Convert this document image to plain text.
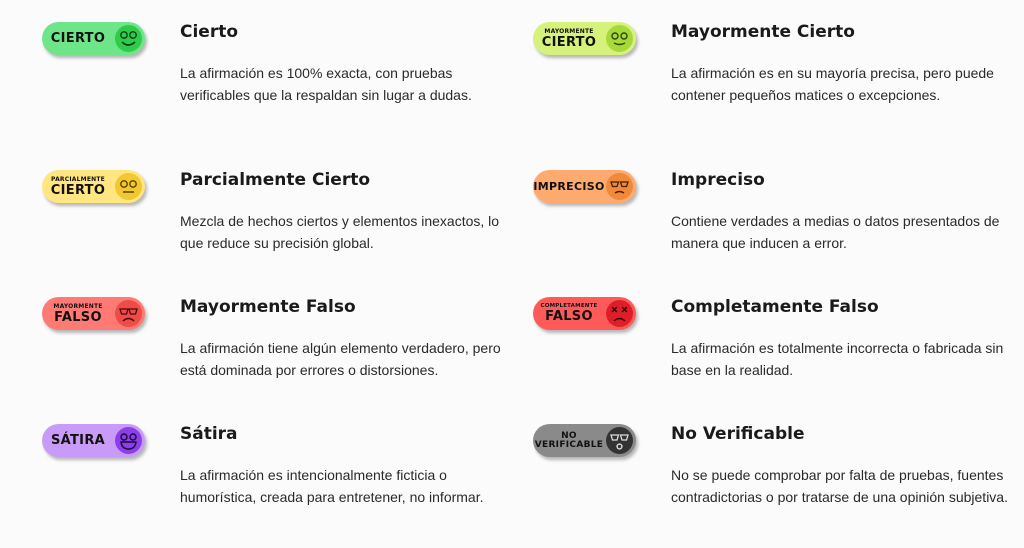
CIERTO	Cierto
La afirmación es 100% exacta, con pruebas verificables que la respaldan sin lugar a dudas.
PARCIALMENTE
CIERTO	Parcialmente Cierto
Mezcla de hechos ciertos y elementos inexactos, lo que reduce su precisión global.
MAYORMENTE
FALSO	Mayormente Falso
La afirmación tiene algún elemento verdadero, pero está dominada por errores o distorsiones.
SÁTIRA	Sátira
La afirmación es intencionalmente ficticia o humorística, creada para entretener, no informar.
MAYORMENTE
CIERTO	Mayormente Cierto
La afirmación es en su mayoría precisa, pero puede contener pequeños matices o excepciones.
IMPRECISO	Impreciso
Contiene verdades a medias o datos presentados de manera que inducen a error.
COMPLETAMENTE
FALSO	Completamente Falso
La afirmación es totalmente incorrecta o fabricada sin base en la realidad.
NO
VERIFICABLE
No Verificable
No se puede comprobar por falta de pruebas, fuentes contradictorias o por tratarse de una opinión subjetiva.
